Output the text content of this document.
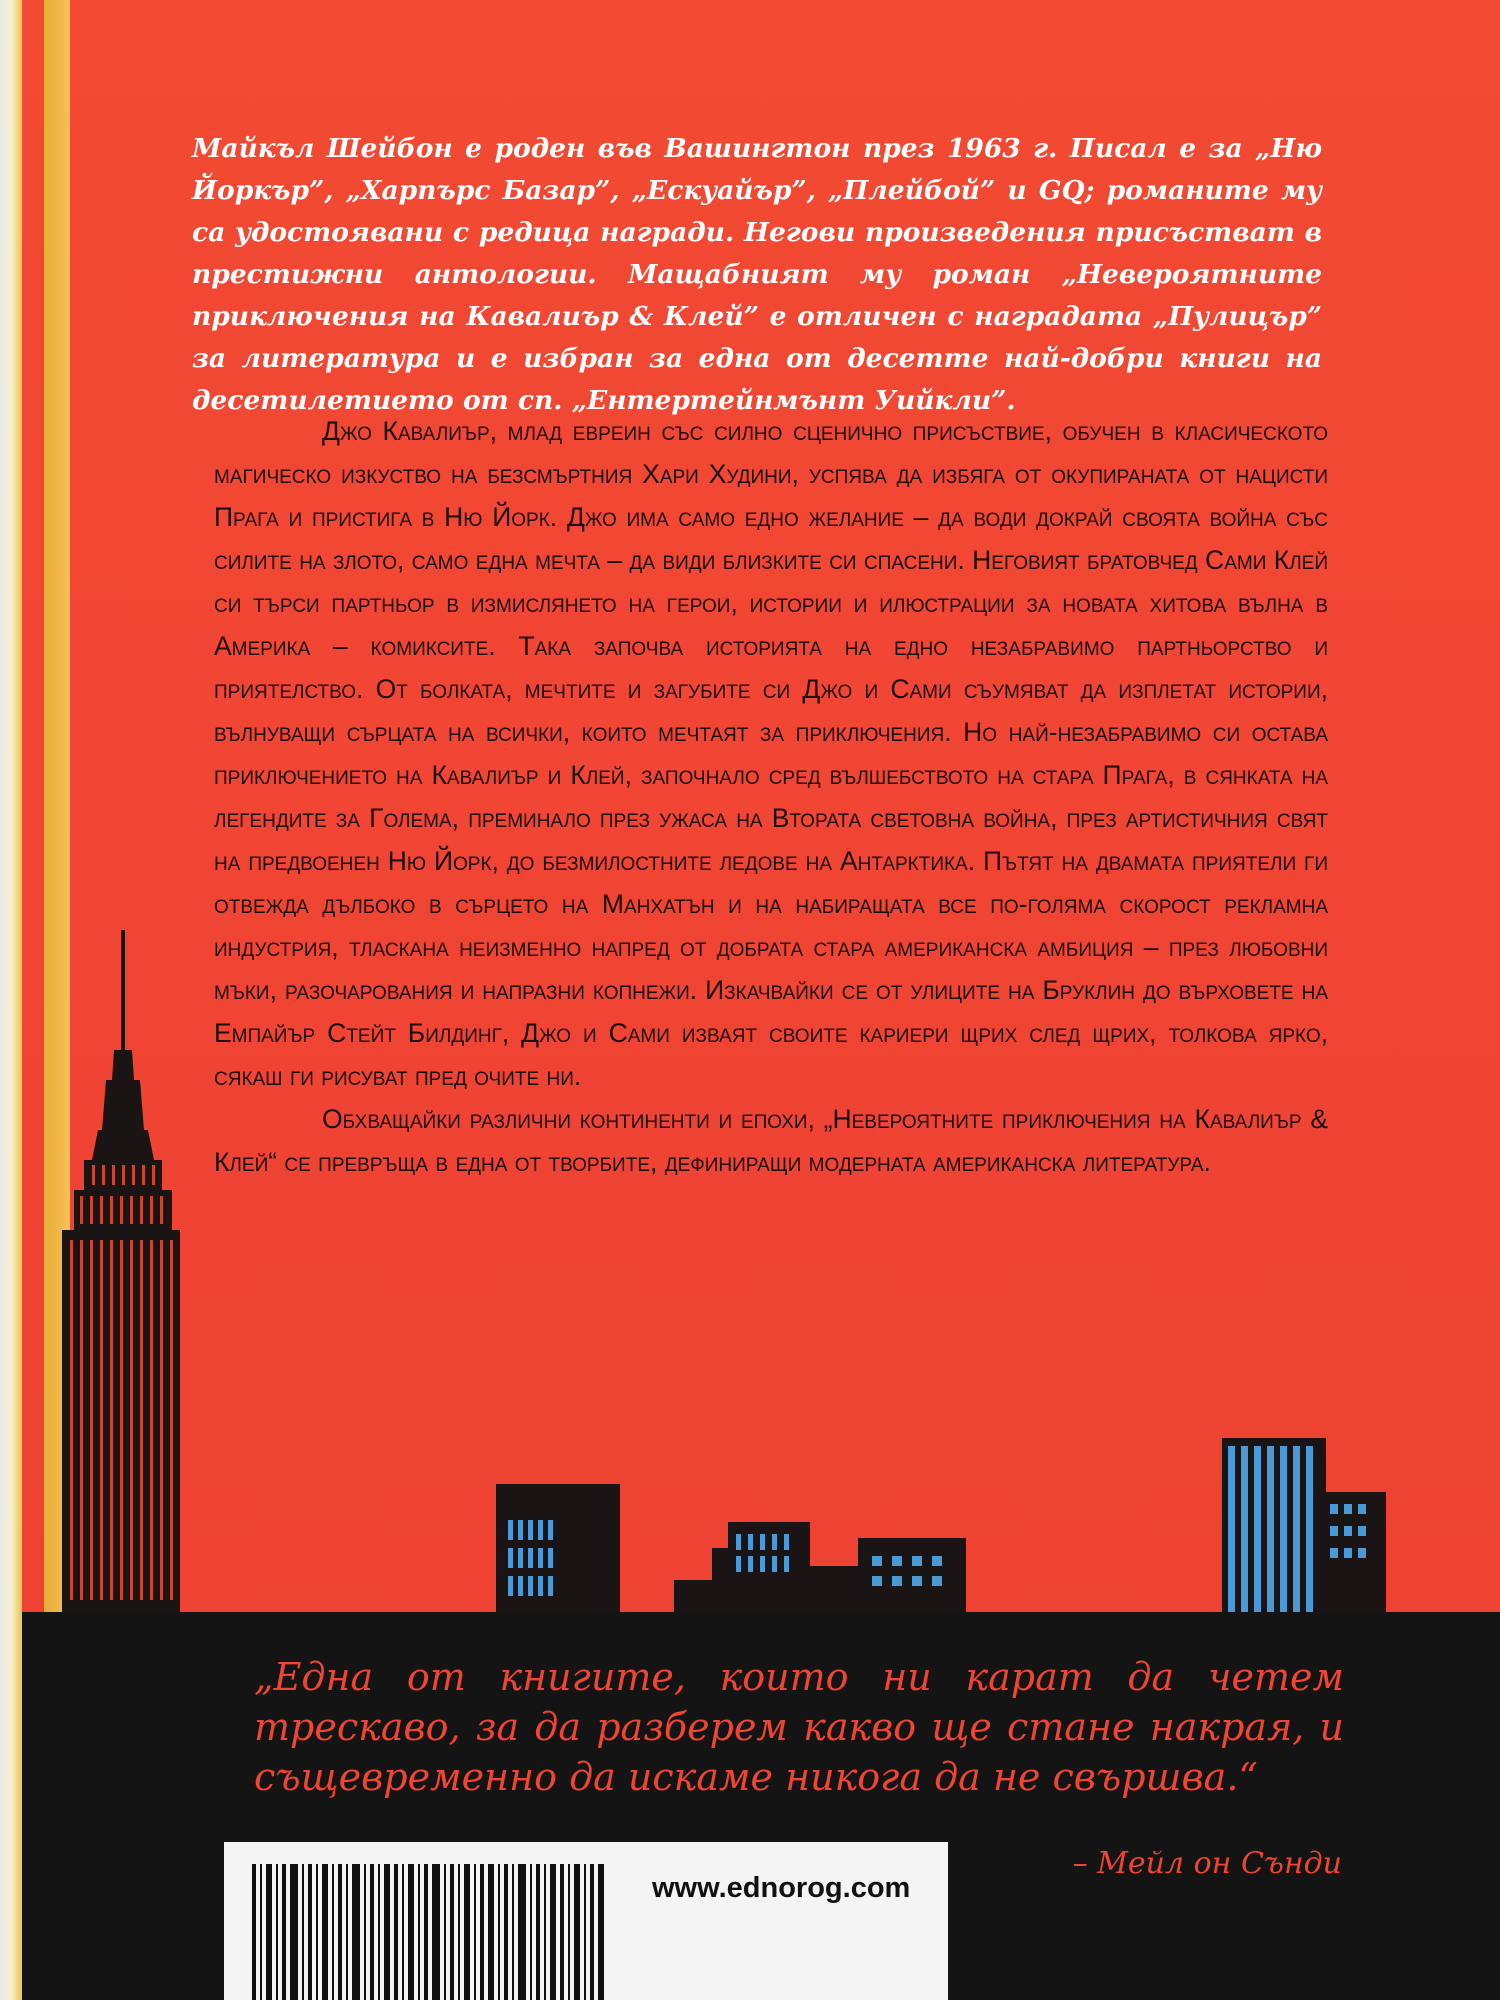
Майкъл Шейбон е роден във Вашингтон през 1963 г. Писал е за „Ню Йоркър”, „Харпърс Базар”, „Ескуайър”, „Плейбой” и GQ; романите му са удостоявани с редица награди. Негови произведения присъстват в престижни антологии. Мащабният му роман „Невероятните приключения на Кавалиър & Клей” е отличен с наградата „Пулицър” за литература и е избран за една от десетте най-добри книги на десетилетието от сп. „Ентертейнмънт Уийкли”.

Джо Кавалиър, млад евреин със силно сценично присъствие, обучен в класическото магическо изкуство на безсмъртния Хари Худини, успява да избяга от окупираната от нацисти Прага и пристига в Ню Йорк. Джо има само едно желание – да води докрай своята война със силите на злото, само една мечта – да види близките си спасени. Неговият братовчед Сами Клей си търси партньор в измислянето на герои, истории и илюстрации за новата хитова вълна в Америка – комиксите. Така започва историята на едно незабравимо партньорство и приятелство. От болката, мечтите и загубите си Джо и Сами съумяват да изплетат истории, вълнуващи сърцата на всички, които мечтаят за приключения. Но най-незабравимо си остава приключението на Кавалиър и Клей, започнало сред вълшебството на стара Прага, в сянката на легендите за Голема, преминало през ужаса на Втората световна война, през артистичния свят на предвоенен Ню Йорк, до безмилостните ледове на Антарктика. Пътят на двамата приятели ги отвежда дълбоко в сърцето на Манхатън и на набиращата все по-голяма скорост рекламна индустрия, тласкана неизменно напред от добрата стара американска амбиция – през любовни мъки, разочарования и напразни копнежи. Изкачвайки се от улиците на Бруклин до върховете на Емпайър Стейт Билдинг, Джо и Сами изваят своите кариери щрих след щрих, толкова ярко, сякаш ги рисуват пред очите ни.

Обхващайки различни континенти и епохи, „Невероятните приключения на Кавалиър & Клей“ се превръща в една от творбите, дефиниращи модерната американска литература.

„Една от книгите, които ни карат да четем трескаво, за да разберем какво ще стане накрая, и същевременно да искаме никога да не свършва.“
– Мейл он Сънди
www.ednorog.com
